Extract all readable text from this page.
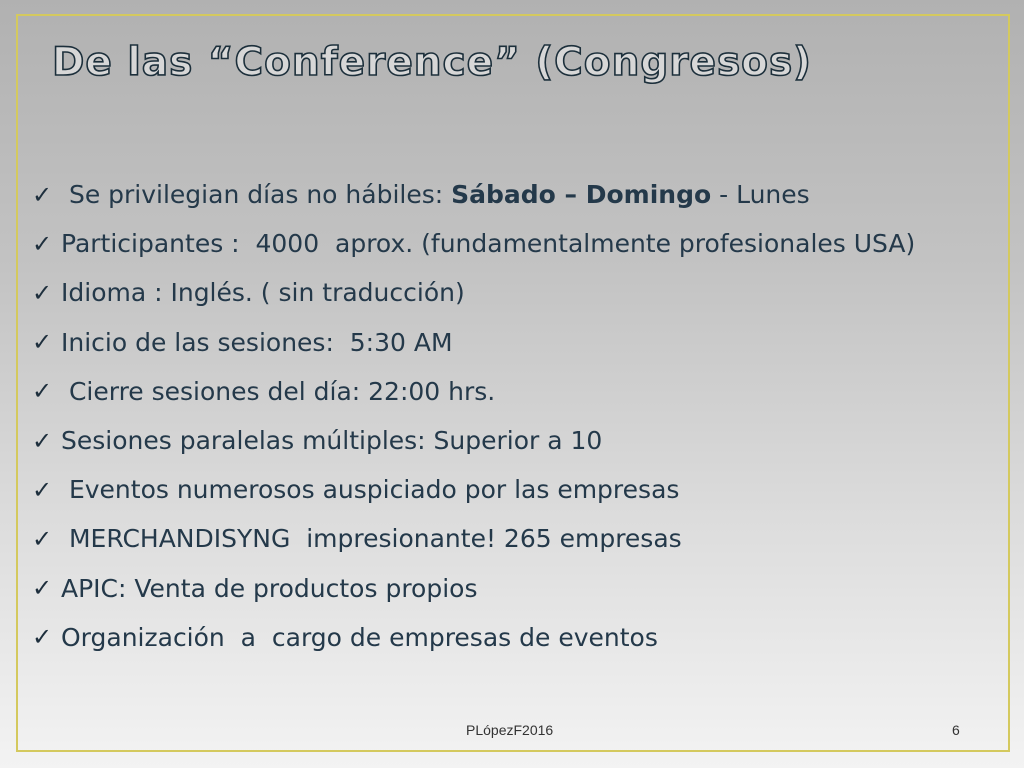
De las “Conference” (Congresos)
✓ Se privilegian días no hábiles: Sábado – Domingo - Lunes
✓ Participantes :  4000  aprox. (fundamentalmente profesionales USA)
✓ Idioma : Inglés. ( sin traducción)
✓ Inicio de las sesiones:  5:30 AM
✓ Cierre sesiones del día: 22:00 hrs.
✓ Sesiones paralelas múltiples: Superior a 10
✓ Eventos numerosos auspiciado por las empresas
✓ MERCHANDISYNG  impresionante! 265 empresas
✓ APIC: Venta de productos propios
✓ Organización  a  cargo de empresas de eventos
PLópezF2016	6
